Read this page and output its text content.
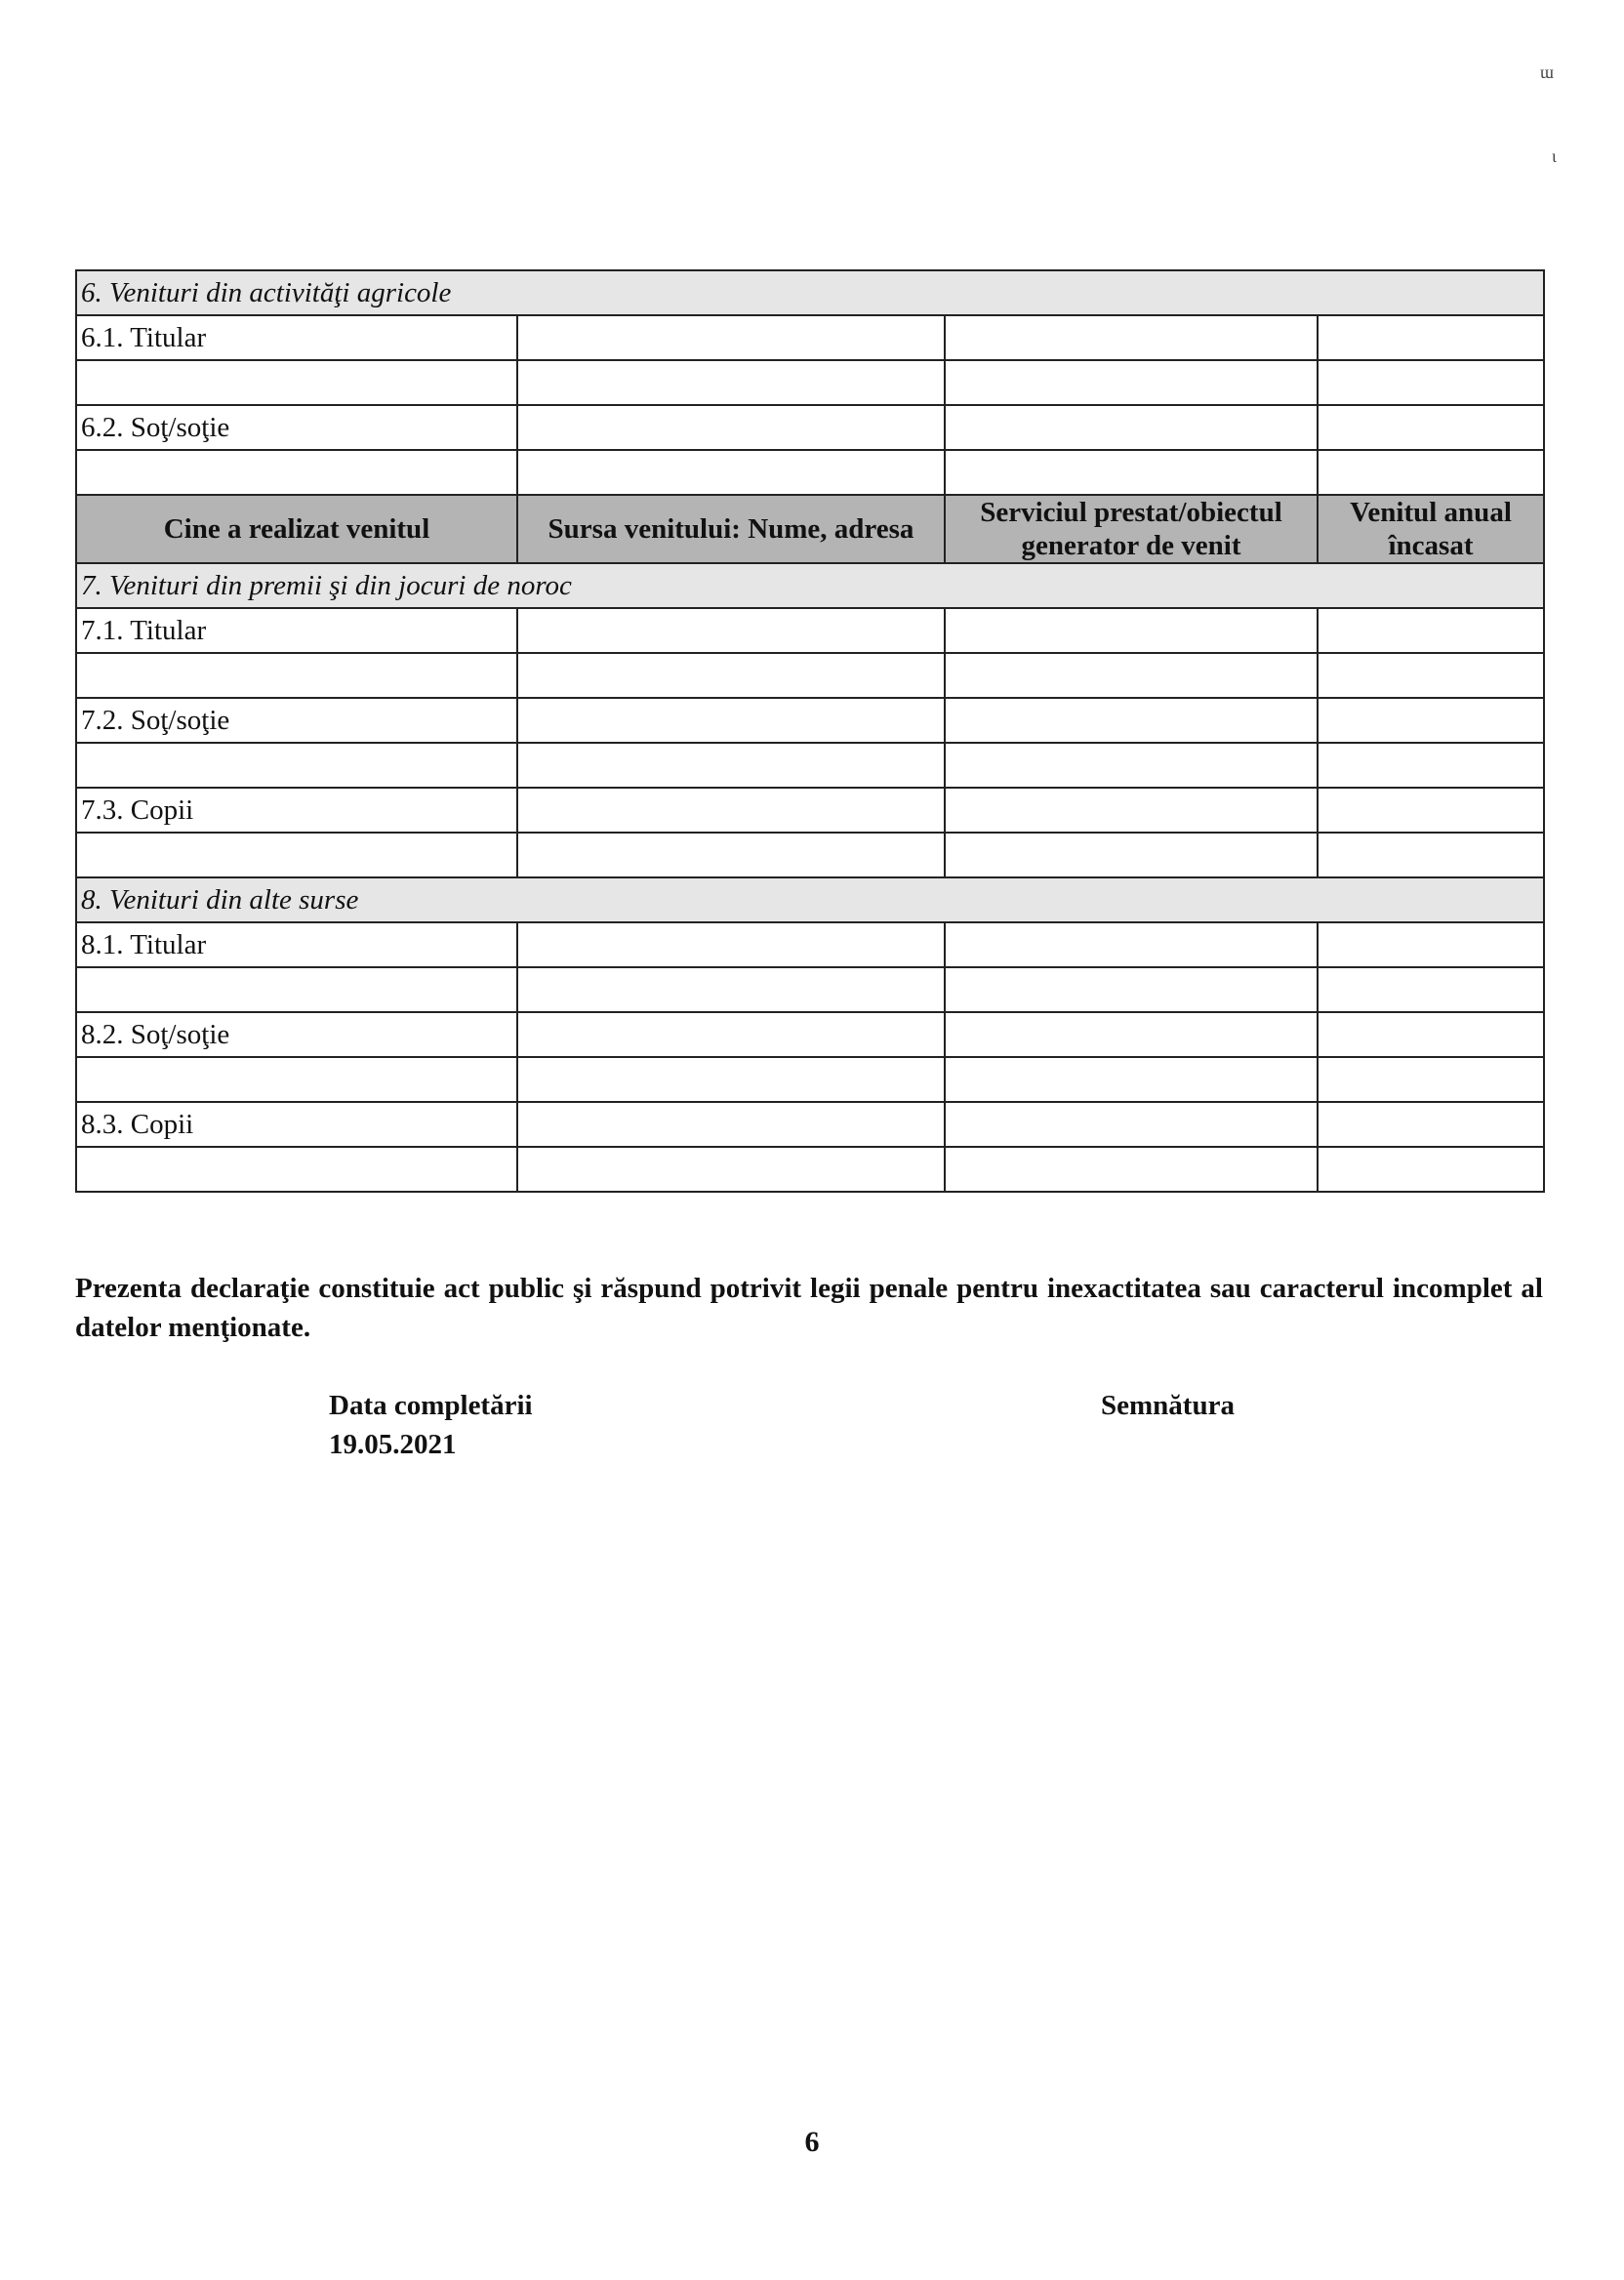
ɯ
ɩ
6. Venituri din activităţi agricole			
6.1. Titular			

6.2. Soţ/soţie			

Cine a realizat venitul	Sursa venitului: Nume, adresa	Serviciul prestat/obiectul generator de venit	Venitul anual încasat
7. Venituri din premii şi din jocuri de noroc			
7.1. Titular			

7.2. Soţ/soţie			

7.3. Copii			

8. Venituri din alte surse			
8.1. Titular			

8.2. Soţ/soţie			

8.3. Copii			

Prezenta declaraţie constituie act public şi răspund potrivit legii penale pentru inexactitatea sau caracterul incomplet al datelor menţionate.

Data completării
19.05.2021
Semnătura
6
